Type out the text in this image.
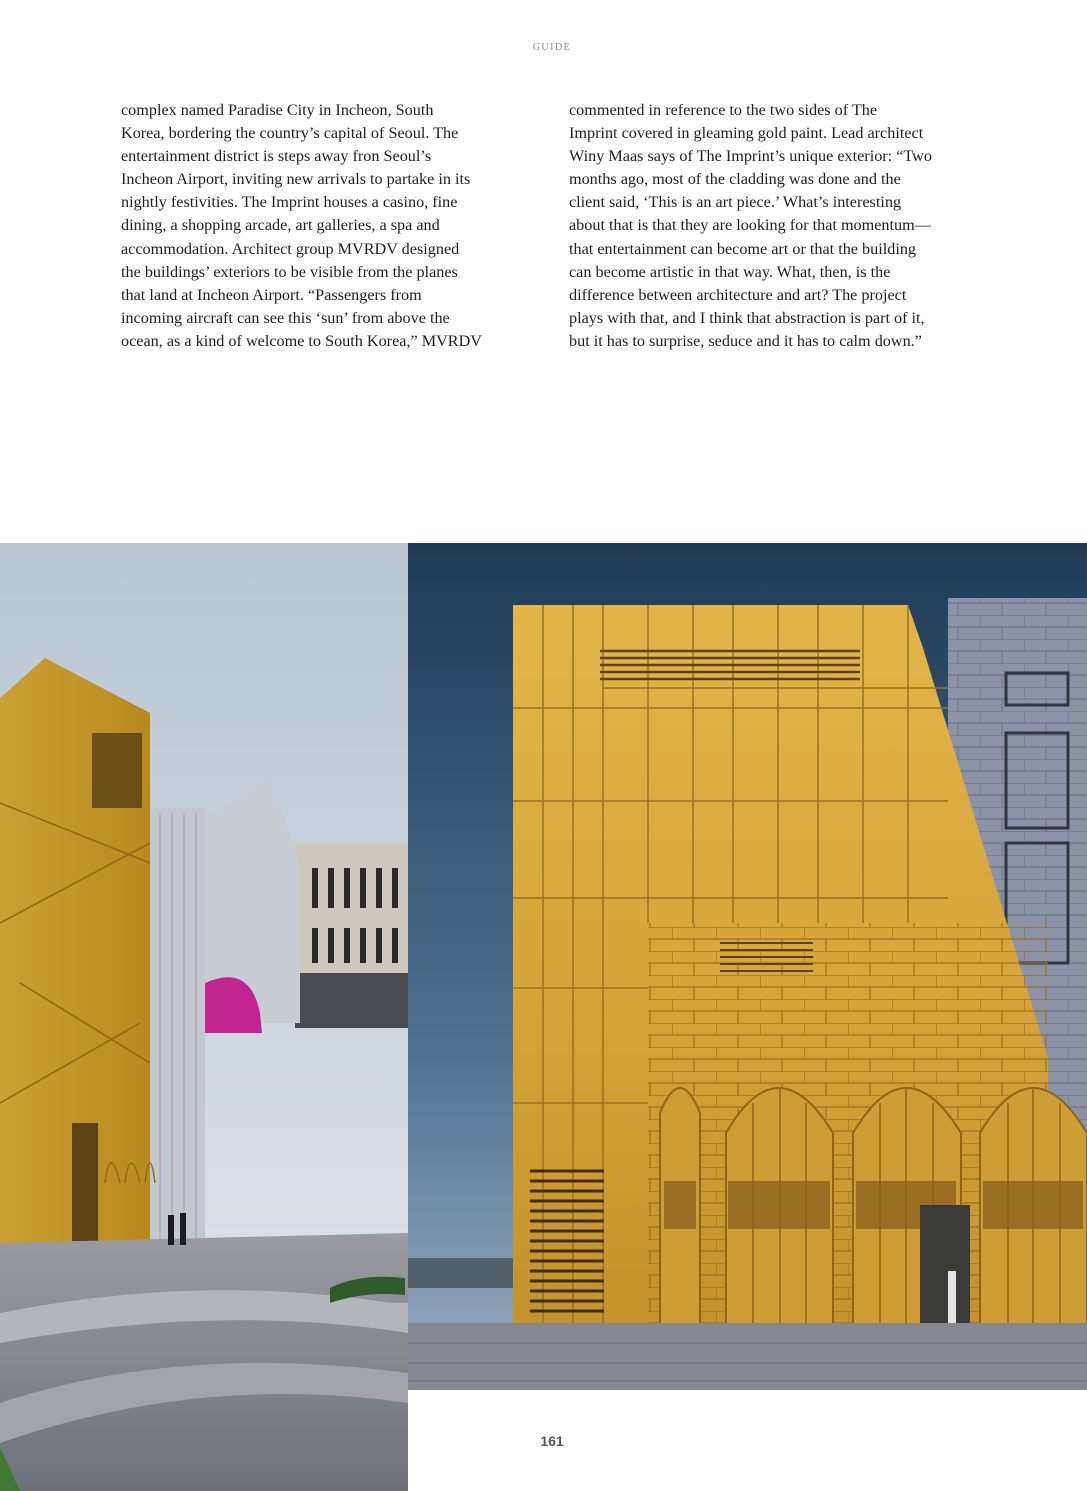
GUIDE
complex named Paradise City in Incheon, South
Korea, bordering the country’s capital of Seoul. The
entertainment district is steps away fron Seoul’s
Incheon Airport, inviting new arrivals to partake in its
nightly festivities. The Imprint houses a casino, fine
dining, a shopping arcade, art galleries, a spa and
accommodation. Architect group MVRDV designed
the buildings’ exteriors to be visible from the planes
that land at Incheon Airport. “Passengers from
incoming aircraft can see this ‘sun’ from above the
ocean, as a kind of welcome to South Korea,” MVRDV
commented in reference to the two sides of The
Imprint covered in gleaming gold paint. Lead architect
Winy Maas says of The Imprint’s unique exterior: “Two
months ago, most of the cladding was done and the
client said, ‘This is an art piece.’ What’s interesting
about that is that they are looking for that momentum—
that entertainment can become art or that the building
can become artistic in that way. What, then, is the
difference between architecture and art? The project
plays with that, and I think that abstraction is part of it,
but it has to surprise, seduce and it has to calm down.”
161
